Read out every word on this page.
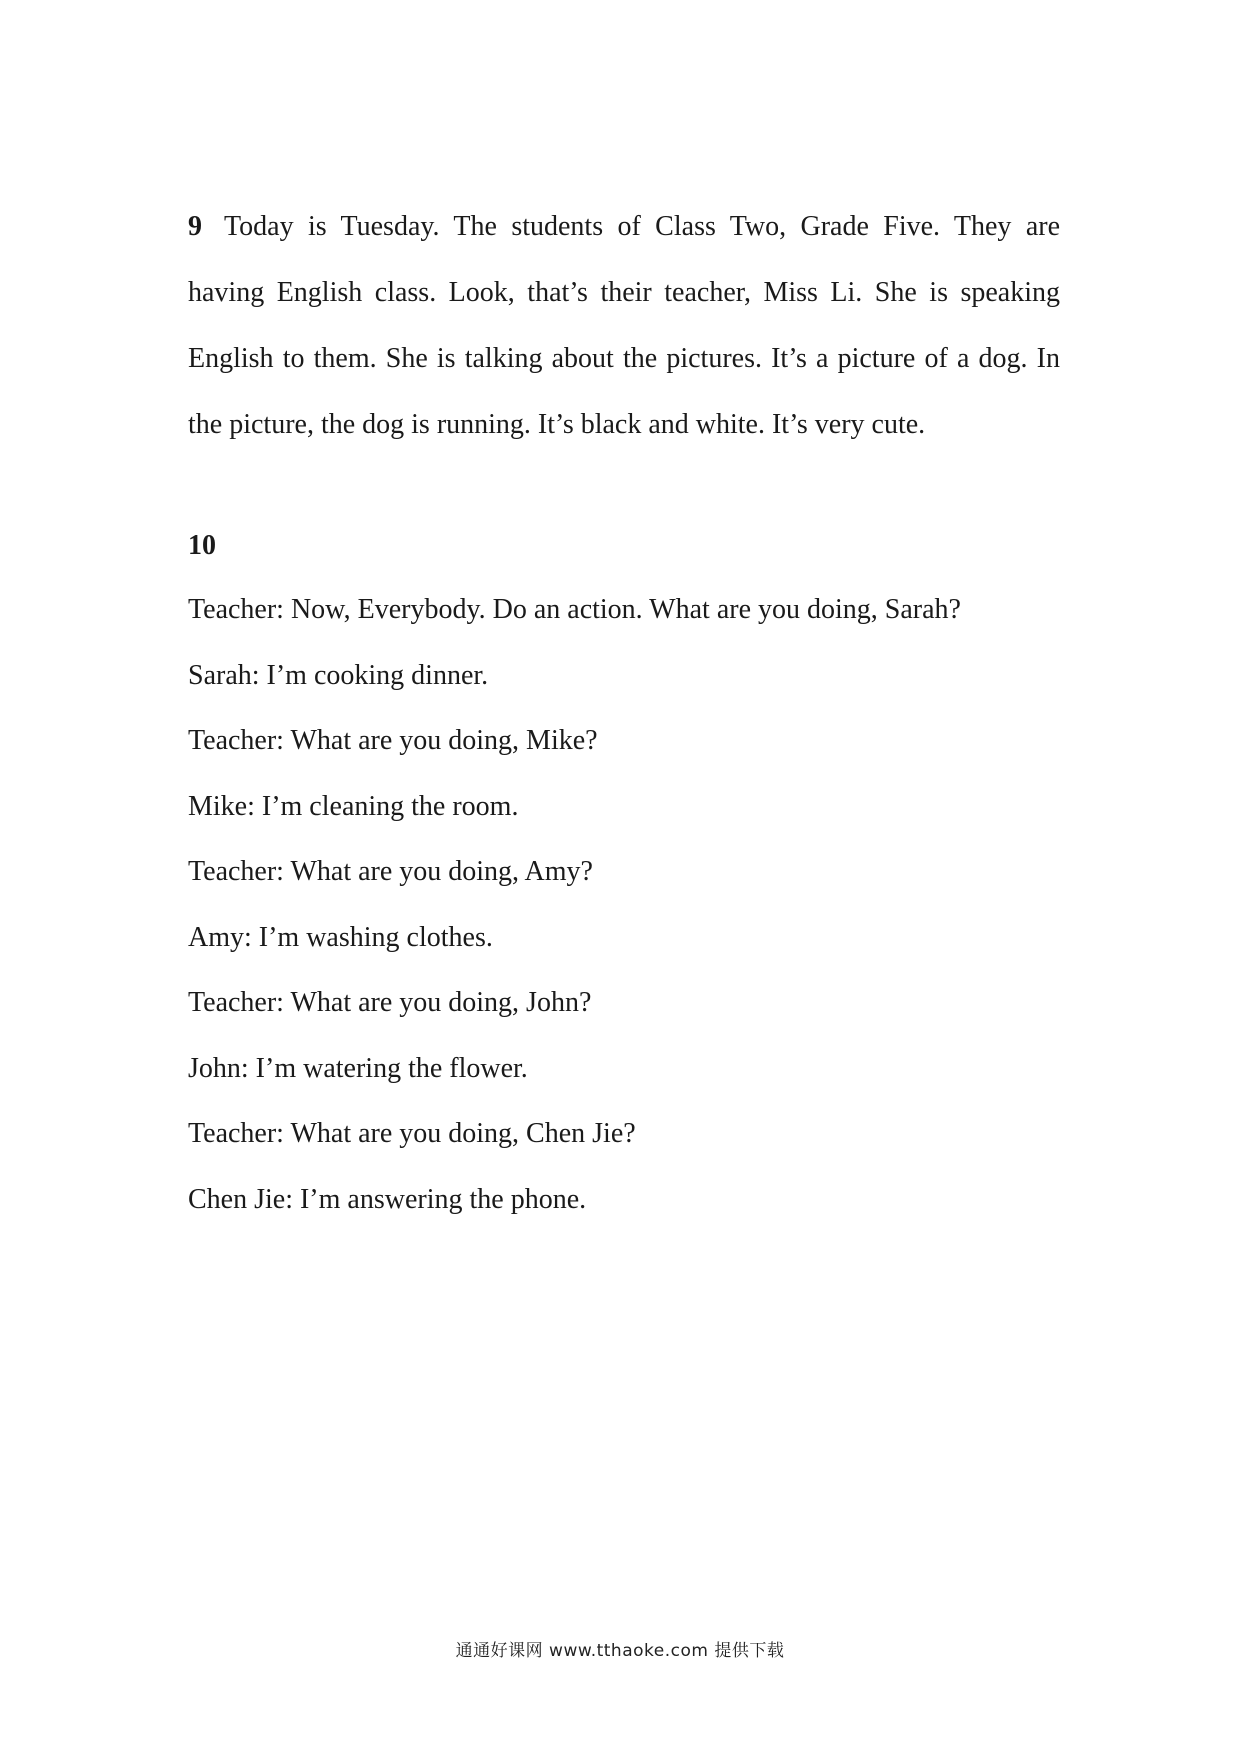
9 Today is Tuesday. The students of Class Two, Grade Five. They are having English class. Look, that’s their teacher, Miss Li. She is speaking English to them. She is talking about the pictures. It’s a picture of a dog. In the picture, the dog is running. It’s black and white. It’s very cute.

10
Teacher: Now, Everybody. Do an action. What are you doing, Sarah?
Sarah: I’m cooking dinner.
Teacher: What are you doing, Mike?
Mike: I’m cleaning the room.
Teacher: What are you doing, Amy?
Amy: I’m washing clothes.
Teacher: What are you doing, John?
John: I’m watering the flower.
Teacher: What are you doing, Chen Jie?
Chen Jie: I’m answering the phone.
通通好课网 www.tthaoke.com 提供下载
